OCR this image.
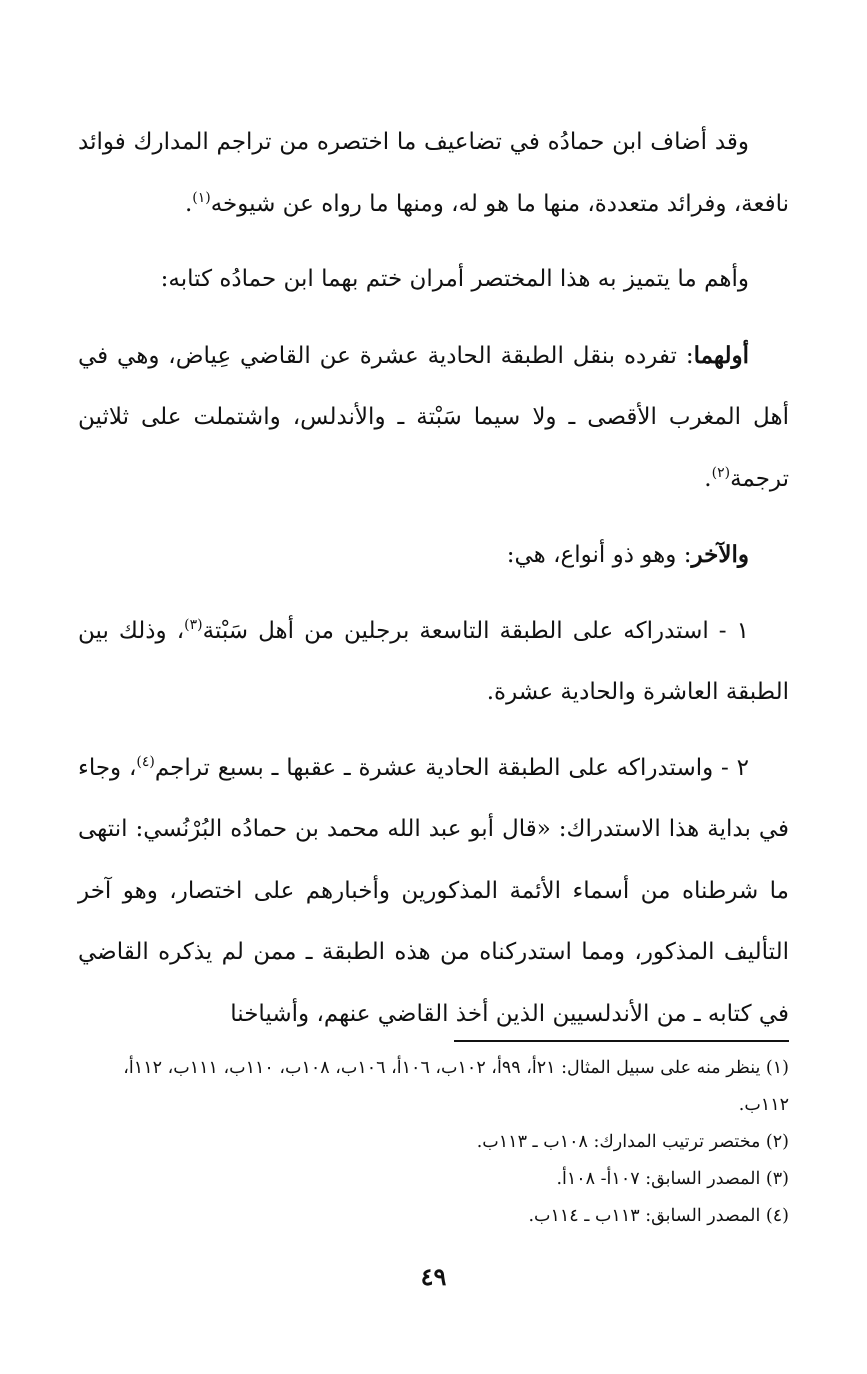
وقد أضاف ابن حمادُه في تضاعيف ما اختصره من تراجم المدارك فوائد نافعة، وفرائد متعددة، منها ما هو له، ومنها ما رواه عن شيوخه$^{(١)}$.

وأهم ما يتميز به هذا المختصر أمران ختم بهما ابن حمادُه كتابه:

أولهما: تفرده بنقل الطبقة الحادية عشرة عن القاضي عِياض، وهي في أهل المغرب الأقصى ـ ولا سيما سَبْتة ـ والأندلس، واشتملت على ثلاثين ترجمة$^{(٢)}$.

والآخر: وهو ذو أنواع، هي:

١ - استدراكه على الطبقة التاسعة برجلين من أهل سَبْتة$^{(٣)}$، وذلك بين الطبقة العاشرة والحادية عشرة.

٢ - واستدراكه على الطبقة الحادية عشرة ـ عقبها ـ بسبع تراجم$^{(٤)}$، وجاء في بداية هذا الاستدراك: «قال أبو عبد الله محمد بن حمادُه البُرْنُسي: انتهى ما شرطناه من أسماء الأئمة المذكورين وأخبارهم على اختصار، وهو آخر التأليف المذكور، ومما استدركناه من هذه الطبقة ـ ممن لم يذكره القاضي في كتابه ـ من الأندلسيين الذين أخذ القاضي عنهم، وأشياخنا

(١) ينظر منه على سبيل المثال: ٢١أ، ٩٩أ، ١٠٢ب، ١٠٦أ، ١٠٦ب، ١٠٨ب، ١١٠ب، ١١١ب، ١١٢أ، ١١٢ب.

(٢) مختصر ترتيب المدارك: ١٠٨ب ـ ١١٣ب.

(٣) المصدر السابق: ١٠٧أ- ١٠٨أ.

(٤) المصدر السابق: ١١٣ب ـ ١١٤ب.

٤٩
